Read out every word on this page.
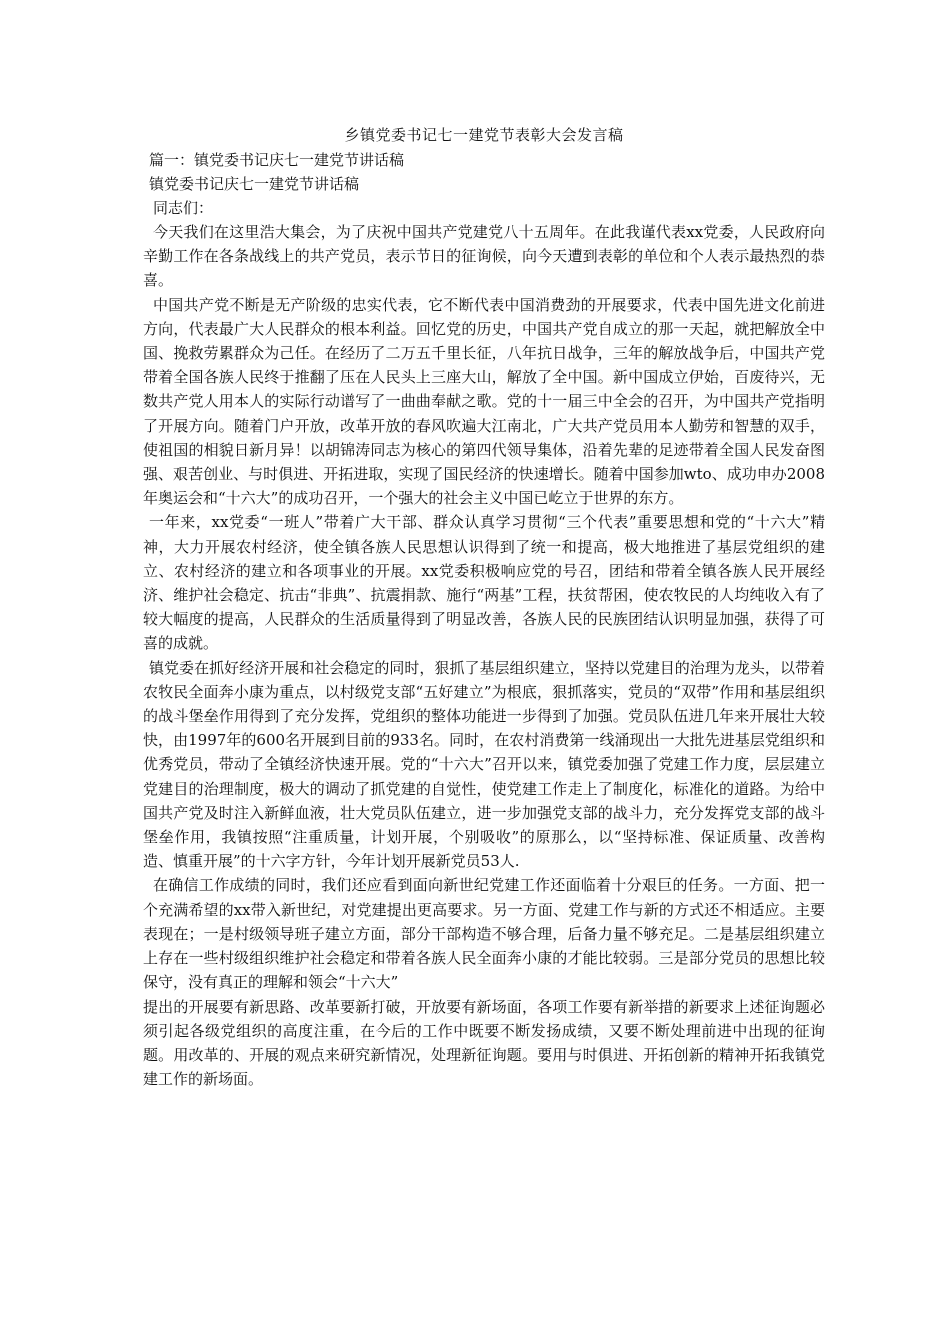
乡镇党委书记七一建党节表彰大会发言稿
篇一：镇党委书记庆七一建党节讲话稿
镇党委书记庆七一建党节讲话稿
同志们：

今天我们在这里浩大集会，为了庆祝中国共产党建党八十五周年。在此我谨代表xx党委，人民政府向辛勤工作在各条战线上的共产党员，表示节日的征询候，向今天遭到表彰的单位和个人表示最热烈的恭喜。

中国共产党不断是无产阶级的忠实代表，它不断代表中国消费劲的开展要求，代表中国先进文化前进方向，代表最广大人民群众的根本利益。回忆党的历史，中国共产党自成立的那一天起，就把解放全中国、挽救劳累群众为己任。在经历了二万五千里长征，八年抗日战争，三年的解放战争后，中国共产党带着全国各族人民终于推翻了压在人民头上三座大山，解放了全中国。新中国成立伊始，百废待兴，无数共产党人用本人的实际行动谱写了一曲曲奉献之歌。党的十一届三中全会的召开，为中国共产党指明了开展方向。随着门户开放，改革开放的春风吹遍大江南北，广大共产党员用本人勤劳和智慧的双手，使祖国的相貌日新月异！以胡锦涛同志为核心的第四代领导集体，沿着先辈的足迹带着全国人民发奋图强、艰苦创业、与时俱进、开拓进取，实现了国民经济的快速增长。随着中国参加wto、成功申办2008年奥运会和“十六大”的成功召开，一个强大的社会主义中国已屹立于世界的东方。

一年来，xx党委“一班人”带着广大干部、群众认真学习贯彻“三个代表”重要思想和党的“十六大”精神，大力开展农村经济，使全镇各族人民思想认识得到了统一和提高，极大地推进了基层党组织的建立、农村经济的建立和各项事业的开展。xx党委积极响应党的号召，团结和带着全镇各族人民开展经济、维护社会稳定、抗击“非典”、抗震捐款、施行“两基”工程，扶贫帮困，使农牧民的人均纯收入有了较大幅度的提高，人民群众的生活质量得到了明显改善，各族人民的民族团结认识明显加强，获得了可喜的成就。

镇党委在抓好经济开展和社会稳定的同时，狠抓了基层组织建立，坚持以党建目的治理为龙头，以带着农牧民全面奔小康为重点，以村级党支部“五好建立”为根底，狠抓落实，党员的“双带”作用和基层组织的战斗堡垒作用得到了充分发挥，党组织的整体功能进一步得到了加强。党员队伍进几年来开展壮大较快，由1997年的600名开展到目前的933名。同时，在农村消费第一线涌现出一大批先进基层党组织和优秀党员，带动了全镇经济快速开展。党的“十六大”召开以来，镇党委加强了党建工作力度，层层建立党建目的治理制度，极大的调动了抓党建的自觉性，使党建工作走上了制度化，标准化的道路。为给中国共产党及时注入新鲜血液，壮大党员队伍建立，进一步加强党支部的战斗力，充分发挥党支部的战斗堡垒作用，我镇按照“注重质量，计划开展，个别吸收”的原那么，以“坚持标准、保证质量、改善构造、慎重开展”的十六字方针，今年计划开展新党员53人.

在确信工作成绩的同时，我们还应看到面向新世纪党建工作还面临着十分艰巨的任务。一方面、把一个充满希望的xx带入新世纪，对党建提出更高要求。另一方面、党建工作与新的方式还不相适应。主要表现在；一是村级领导班子建立方面，部分干部构造不够合理，后备力量不够充足。二是基层组织建立上存在一些村级组织维护社会稳定和带着各族人民全面奔小康的才能比较弱。三是部分党员的思想比较保守，没有真正的理解和领会“十六大”

提出的开展要有新思路、改革要新打破，开放要有新场面，各项工作要有新举措的新要求上述征询题必须引起各级党组织的高度注重，在今后的工作中既要不断发扬成绩，又要不断处理前进中出现的征询题。用改革的、开展的观点来研究新情况，处理新征询题。要用与时俱进、开拓创新的精神开拓我镇党建工作的新场面。
